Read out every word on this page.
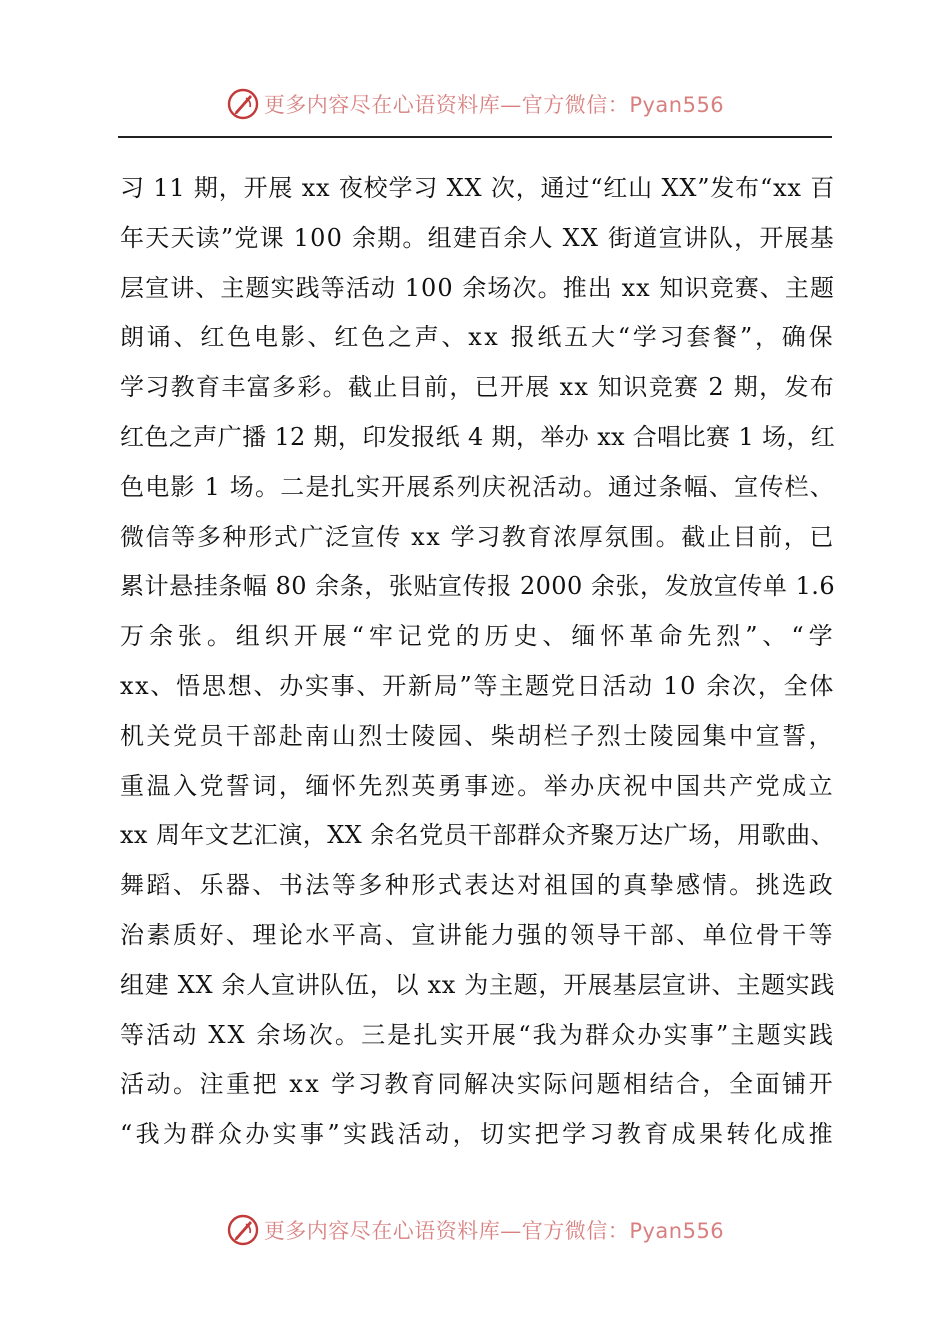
更多内容尽在心语资料库—官方微信：Pyan556
习 11 期，开展 xx 夜校学习 XX 次，通过“红山 XX”发布“xx 百
年天天读”党课 100 余期。组建百余人 XX 街道宣讲队，开展基
层宣讲、主题实践等活动 100 余场次。推出 xx 知识竞赛、主题
朗诵、红色电影、红色之声、xx 报纸五大“学习套餐”，确保
学习教育丰富多彩。截止目前，已开展 xx 知识竞赛 2 期，发布
红色之声广播 12 期，印发报纸 4 期，举办 xx 合唱比赛 1 场，红
色电影 1 场。二是扎实开展系列庆祝活动。通过条幅、宣传栏、
微信等多种形式广泛宣传 xx 学习教育浓厚氛围。截止目前，已
累计悬挂条幅 80 余条，张贴宣传报 2000 余张，发放宣传单 1.6
万余张。组织开展“牢记党的历史、缅怀革命先烈”、“学
xx、悟思想、办实事、开新局”等主题党日活动 10 余次，全体
机关党员干部赴南山烈士陵园、柴胡栏子烈士陵园集中宣誓，
重温入党誓词，缅怀先烈英勇事迹。举办庆祝中国共产党成立
xx 周年文艺汇演，XX 余名党员干部群众齐聚万达广场，用歌曲、
舞蹈、乐器、书法等多种形式表达对祖国的真挚感情。挑选政
治素质好、理论水平高、宣讲能力强的领导干部、单位骨干等
组建 XX 余人宣讲队伍，以 xx 为主题，开展基层宣讲、主题实践
等活动 XX 余场次。三是扎实开展“我为群众办实事”主题实践
活动。注重把 xx 学习教育同解决实际问题相结合，全面铺开
“我为群众办实事”实践活动，切实把学习教育成果转化成推
更多内容尽在心语资料库—官方微信：Pyan556
